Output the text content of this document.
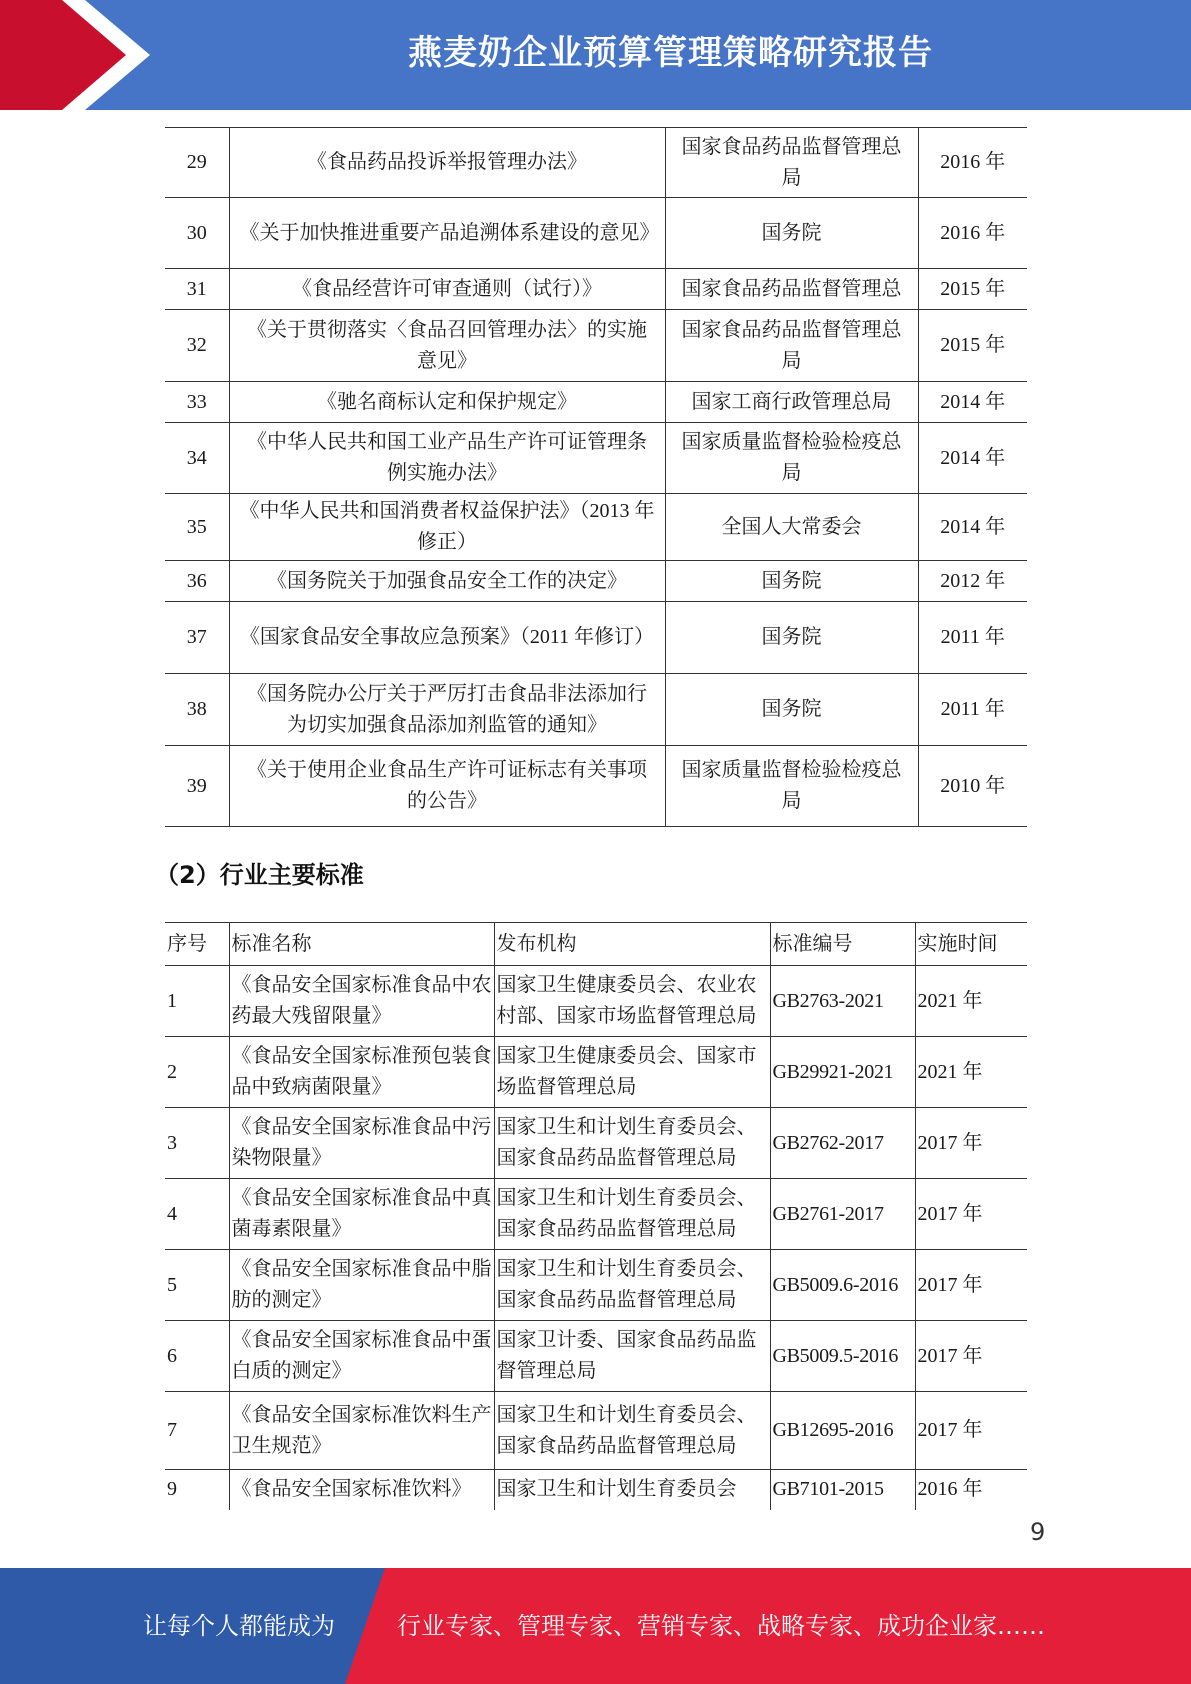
燕麦奶企业预算管理策略研究报告
29	《食品药品投诉举报管理办法》	国家食品药品监督管理总局	2016 年
30	《关于加快推进重要产品追溯体系建设的意见》	国务院	2016 年
31	《食品经营许可审查通则（试行）》	国家食品药品监督管理总	2015 年
32	《关于贯彻落实〈食品召回管理办法〉的实施意见》	国家食品药品监督管理总局	2015 年
33	《驰名商标认定和保护规定》	国家工商行政管理总局	2014 年
34	《中华人民共和国工业产品生产许可证管理条例实施办法》	国家质量监督检验检疫总局	2014 年
35	《中华人民共和国消费者权益保护法》（2013 年修正）	全国人大常委会	2014 年
36	《国务院关于加强食品安全工作的决定》	国务院	2012 年
37	《国家食品安全事故应急预案》（2011 年修订）	国务院	2011 年
38	《国务院办公厅关于严厉打击食品非法添加行为切实加强食品添加剂监管的通知》	国务院	2011 年
39	《关于使用企业食品生产许可证标志有关事项的公告》	国家质量监督检验检疫总局	2010 年
（2）行业主要标准
序号	标准名称	发布机构	标准编号	实施时间
1	《食品安全国家标准食品中农药最大残留限量》	国家卫生健康委员会、农业农村部、国家市场监督管理总局	GB2763-2021	2021 年
2	《食品安全国家标准预包装食品中致病菌限量》	国家卫生健康委员会、国家市场监督管理总局	GB29921-2021	2021 年
3	《食品安全国家标准食品中污染物限量》	国家卫生和计划生育委员会、国家食品药品监督管理总局	GB2762-2017	2017 年
4	《食品安全国家标准食品中真菌毒素限量》	国家卫生和计划生育委员会、国家食品药品监督管理总局	GB2761-2017	2017 年
5	《食品安全国家标准食品中脂肪的测定》	国家卫生和计划生育委员会、国家食品药品监督管理总局	GB5009.6-2016	2017 年
6	《食品安全国家标准食品中蛋白质的测定》	国家卫计委、国家食品药品监督管理总局	GB5009.5-2016	2017 年
7	《食品安全国家标准饮料生产卫生规范》	国家卫生和计划生育委员会、国家食品药品监督管理总局	GB12695-2016	2017 年
9	《食品安全国家标准饮料》	国家卫生和计划生育委员会	GB7101-2015	2016 年
9
让每个人都能成为	行业专家、管理专家、营销专家、战略专家、成功企业家……
